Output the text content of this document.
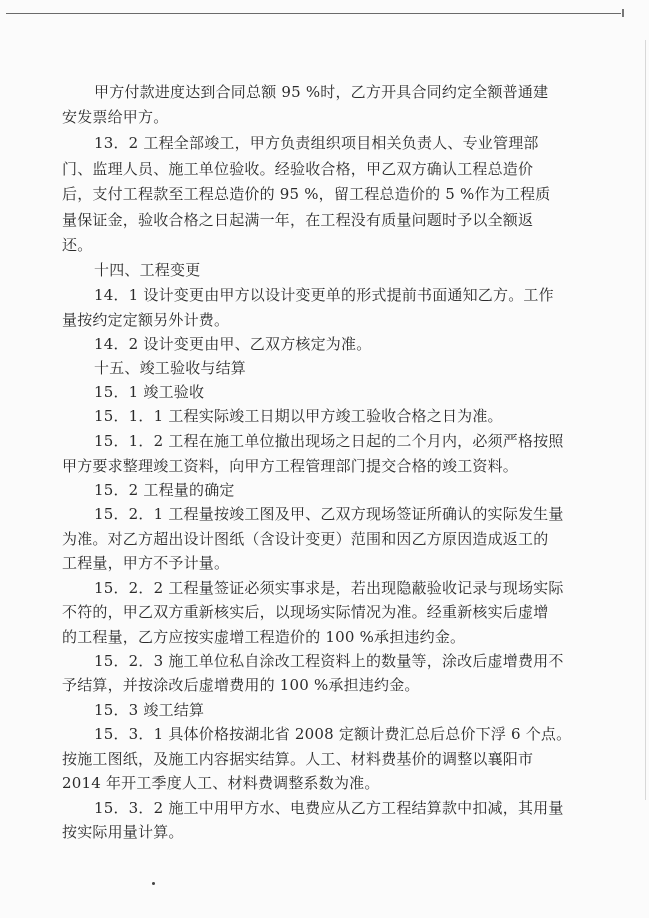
甲方付款进度达到合同总额 95 %时，乙方开具合同约定全额普通建
安发票给甲方。
13．2 工程全部竣工，甲方负责组织项目相关负责人、专业管理部
门、监理人员、施工单位验收。经验收合格，甲乙双方确认工程总造价
后，支付工程款至工程总造价的 95 %，留工程总造价的 5 %作为工程质
量保证金，验收合格之日起满一年，在工程没有质量问题时予以全额返
还。
十四、工程变更
14．1 设计变更由甲方以设计变更单的形式提前书面通知乙方。工作
量按约定定额另外计费。
14．2 设计变更由甲、乙双方核定为准。
十五、竣工验收与结算
15．1 竣工验收
15．1．1 工程实际竣工日期以甲方竣工验收合格之日为准。
15．1．2 工程在施工单位撤出现场之日起的二个月内，必须严格按照
甲方要求整理竣工资料，向甲方工程管理部门提交合格的竣工资料。
15．2 工程量的确定
15．2．1 工程量按竣工图及甲、乙双方现场签证所确认的实际发生量
为准。对乙方超出设计图纸（含设计变更）范围和因乙方原因造成返工的
工程量，甲方不予计量。
15．2．2 工程量签证必须实事求是，若出现隐蔽验收记录与现场实际
不符的，甲乙双方重新核实后，以现场实际情况为准。经重新核实后虚增
的工程量，乙方应按实虚增工程造价的 100 %承担违约金。
15．2．3 施工单位私自涂改工程资料上的数量等，涂改后虚增费用不
予结算，并按涂改后虚增费用的 100 %承担违约金。
15．3 竣工结算
15．3．1 具体价格按湖北省 2008 定额计费汇总后总价下浮 6 个点。
按施工图纸，及施工内容据实结算。人工、材料费基价的调整以襄阳市
2014 年开工季度人工、材料费调整系数为准。
15．3．2 施工中用甲方水、电费应从乙方工程结算款中扣减，其用量
按实际用量计算。
